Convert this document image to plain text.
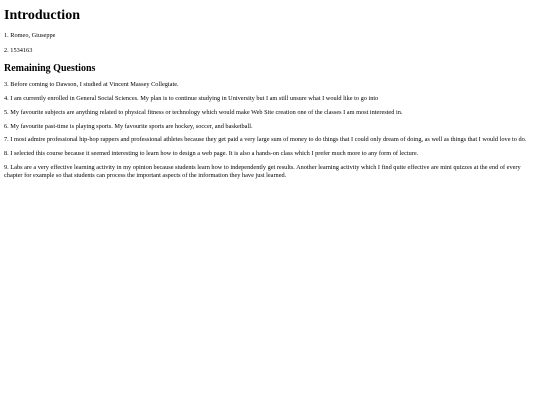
Introduction

1. Romeo, Giuseppe

2. 1534163

Remaining Questions

3. Before coming to Dawson, I studied at Vincent Massey Collegiate.

4. I am currently enrolled in General Social Sciences. My plan is to continue studying in University but I am still unsure what I would like to go into

5. My favourite subjects are anything related to physical fitness or technology which would make Web Site creation one of the classes I am most interested in.

6. My favourite past-time is playing sports. My favourite sports are hockey, soccer, and basketball.

7. I most admire professional hip-hop rappers and professional athletes because they get paid a very large sum of money to do things that I could only dream of doing, as well as things that I would love to do.

8. I selected this course because it seemed interesting to learn how to design a web page. It is also a hands-on class which I prefer much more to any form of lecture.

9. Labs are a very effective learning activity in my opinion because students learn how to independently get results. Another learning activity which I find quite effective are mini quizzes at the end of every chapter for example so that students can process the important aspects of the information they have just learned.
